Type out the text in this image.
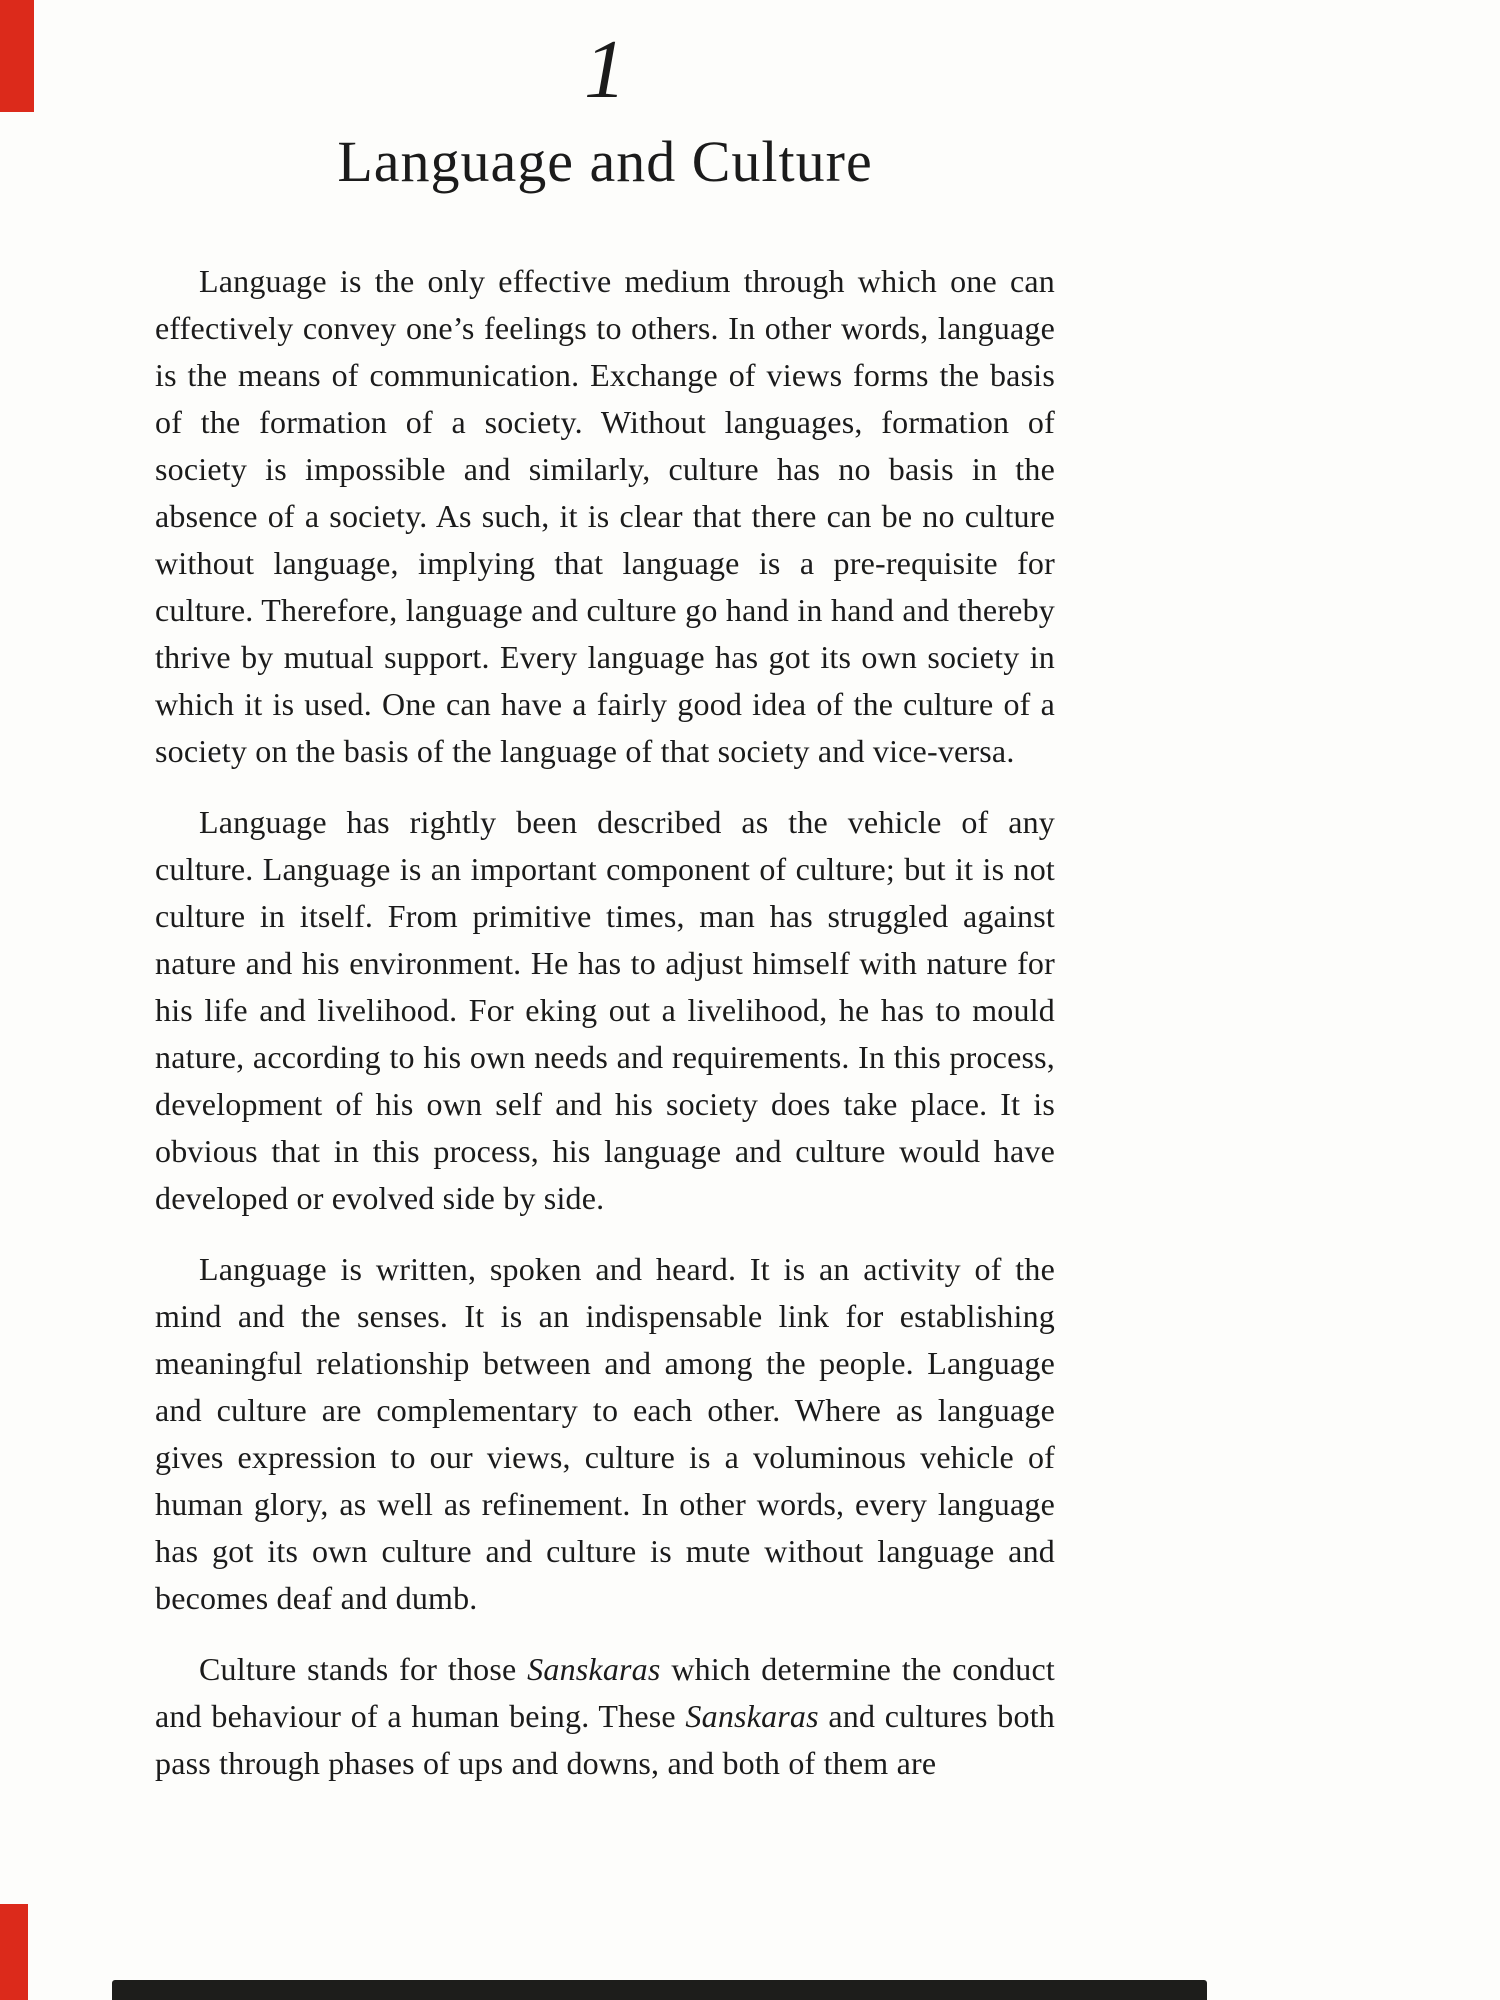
1
Language and Culture

Language is the only effective medium through which one can effectively convey one’s feelings to others. In other words, language is the means of communication. Exchange of views forms the basis of the formation of a society. Without languages, formation of society is impossible and similarly, culture has no basis in the absence of a society. As such, it is clear that there can be no culture without language, implying that language is a pre-requisite for culture. Therefore, language and culture go hand in hand and thereby thrive by mutual support. Every language has got its own society in which it is used. One can have a fairly good idea of the culture of a society on the basis of the language of that society and vice-versa.

Language has rightly been described as the vehicle of any culture. Language is an important component of culture; but it is not culture in itself. From primitive times, man has struggled against nature and his environment. He has to adjust himself with nature for his life and livelihood. For eking out a livelihood, he has to mould nature, according to his own needs and requirements. In this process, development of his own self and his society does take place. It is obvious that in this process, his language and culture would have developed or evolved side by side.

Language is written, spoken and heard. It is an activity of the mind and the senses. It is an indispensable link for establishing meaningful relationship between and among the people. Language and culture are complementary to each other. Where as language gives expression to our views, culture is a voluminous vehicle of human glory, as well as refinement. In other words, every language has got its own culture and culture is mute without language and becomes deaf and dumb.

Culture stands for those Sanskaras which determine the conduct and behaviour of a human being. These Sanskaras and cultures both pass through phases of ups and downs, and both of them are
